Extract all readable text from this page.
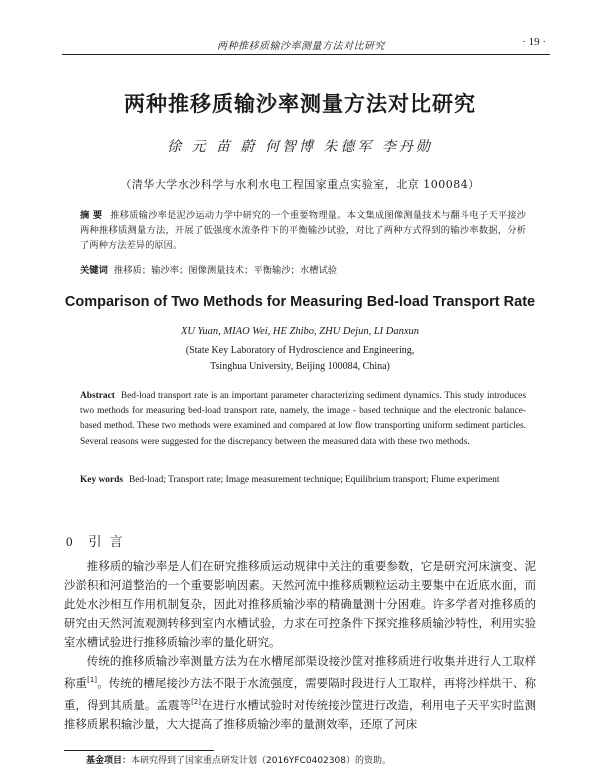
两种推移质输沙率测量方法对比研究	· 19 ·
两种推移质输沙率测量方法对比研究
徐 元 苗 蔚 何智博 朱德军 李丹勋
（清华大学水沙科学与水利水电工程国家重点实验室，北京 100084）
摘 要 推移质输沙率是泥沙运动力学中研究的一个重要物理量。本文集成图像测量技术与翻斗电子天平接沙两种推移质测量方法，开展了低强度水流条件下的平衡输沙试验，对比了两种方式得到的输沙率数据，分析了两种方法差异的原因。
关键词 推移质；输沙率；图像测量技术；平衡输沙；水槽试验
Comparison of Two Methods for Measuring Bed-load Transport Rate
XU Yuan, MIAO Wei, HE Zhibo, ZHU Dejun, LI Danxun
(State Key Laboratory of Hydroscience and Engineering,
Tsinghua University, Beijing 100084, China)
Abstract Bed-load transport rate is an important parameter characterizing sediment dynamics. This study introduces two methods for measuring bed-load transport rate, namely, the image - based technique and the electronic balance-based method. These two methods were examined and compared at low flow transporting uniform sediment particles. Several reasons were suggested for the discrepancy between the measured data with these two methods.
Key words Bed-load; Transport rate; Image measurement technique; Equilibrium transport; Flume experiment
0 引 言

推移质的输沙率是人们在研究推移质运动规律中关注的重要参数，它是研究河床演变、泥沙淤积和河道整治的一个重要影响因素。天然河流中推移质颗粒运动主要集中在近底水面，而此处水沙相互作用机制复杂，因此对推移质输沙率的精确量测十分困难。许多学者对推移质的研究由天然河流观测转移到室内水槽试验，力求在可控条件下探究推移质输沙特性，利用实验室水槽试验进行推移质输沙率的量化研究。

传统的推移质输沙率测量方法为在水槽尾部渠设接沙筐对推移质进行收集并进行人工取样称重[1]。传统的槽尾接沙方法不限于水流强度，需要隔时段进行人工取样，再将沙样烘干、称重，得到其质量。孟震等[2]在进行水槽试验时对传统接沙筐进行改造，利用电子天平实时监测推移质累积输沙量，大大提高了推移质输沙率的量测效率，还原了河床

基金项目：本研究得到了国家重点研发计划（2016YFC0402308）的资助。
